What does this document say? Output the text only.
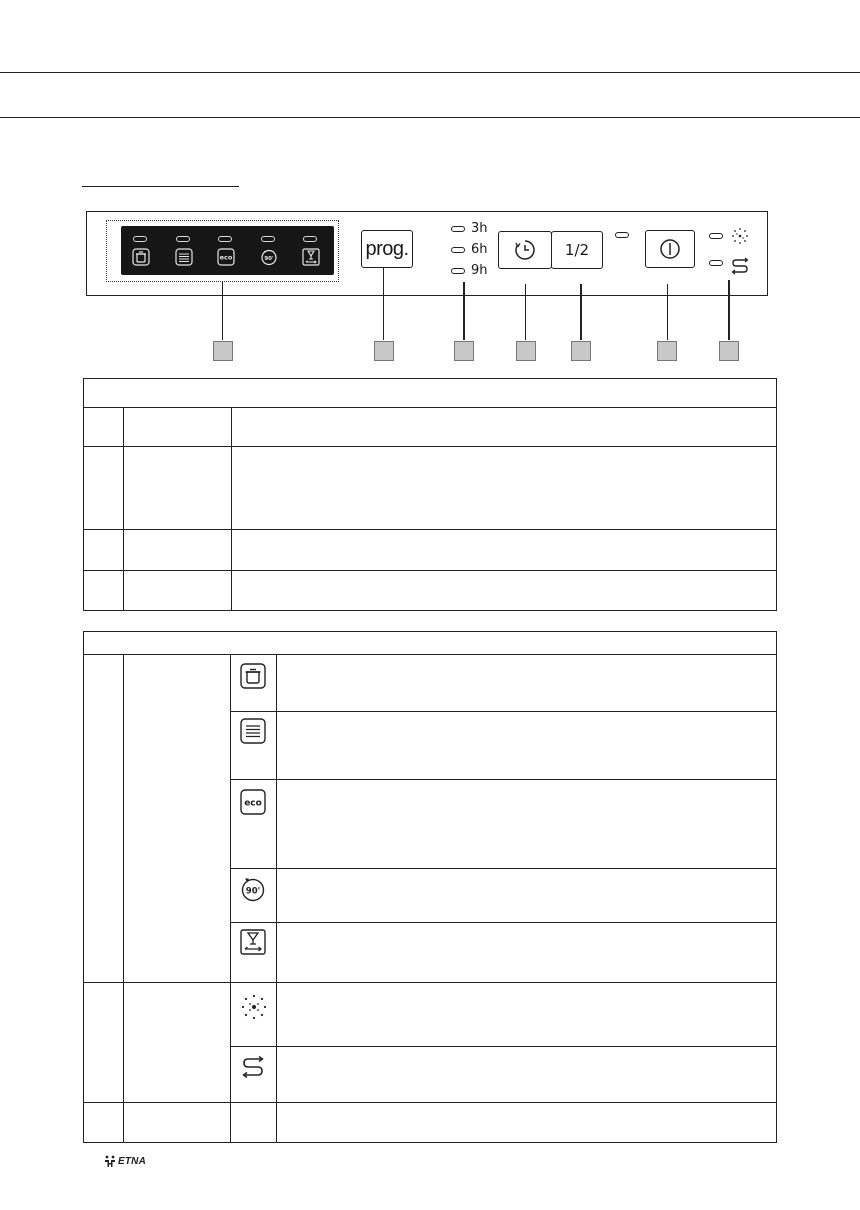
eco	90'	prog.
3h
6h
9h
1/2
eco
90'
ETNA
